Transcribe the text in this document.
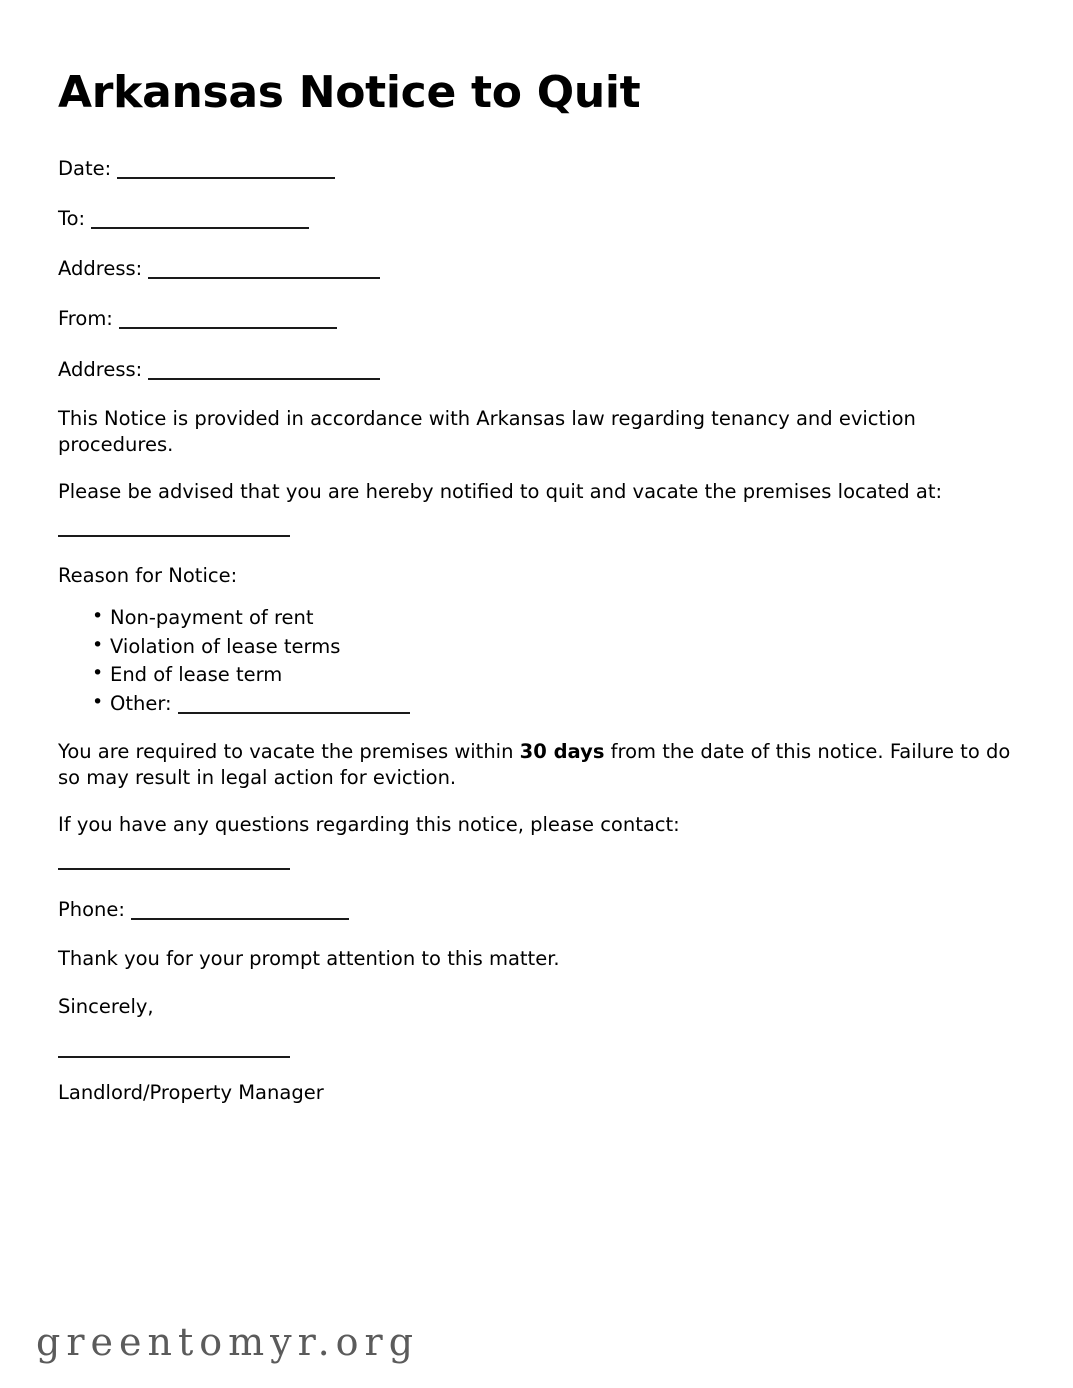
Arkansas Notice to Quit
Date:
To:
Address:
From:
Address:

This Notice is provided in accordance with Arkansas law regarding tenancy and eviction procedures.

Please be advised that you are hereby notified to quit and vacate the premises located at:

Reason for Notice:

• Non-payment of rent
• Violation of lease terms
• End of lease term
• Other:

You are required to vacate the premises within 30 days from the date of this notice. Failure to do so may result in legal action for eviction.

If you have any questions regarding this notice, please contact:

Phone:

Thank you for your prompt attention to this matter.

Sincerely,

Landlord/Property Manager

greentomyr.org
